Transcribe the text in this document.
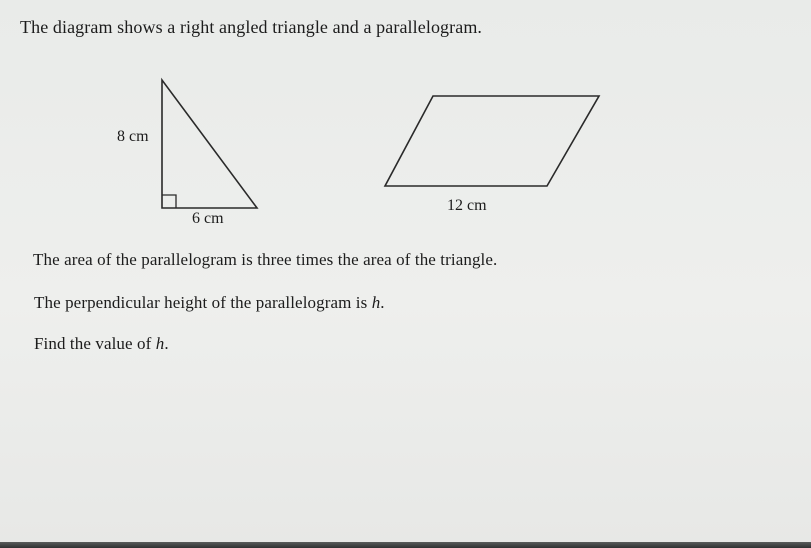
The diagram shows a right angled triangle and a parallelogram.
8 cm
6 cm
12 cm
The area of the parallelogram is three times the area of the triangle.
The perpendicular height of the parallelogram is h.
Find the value of h.
